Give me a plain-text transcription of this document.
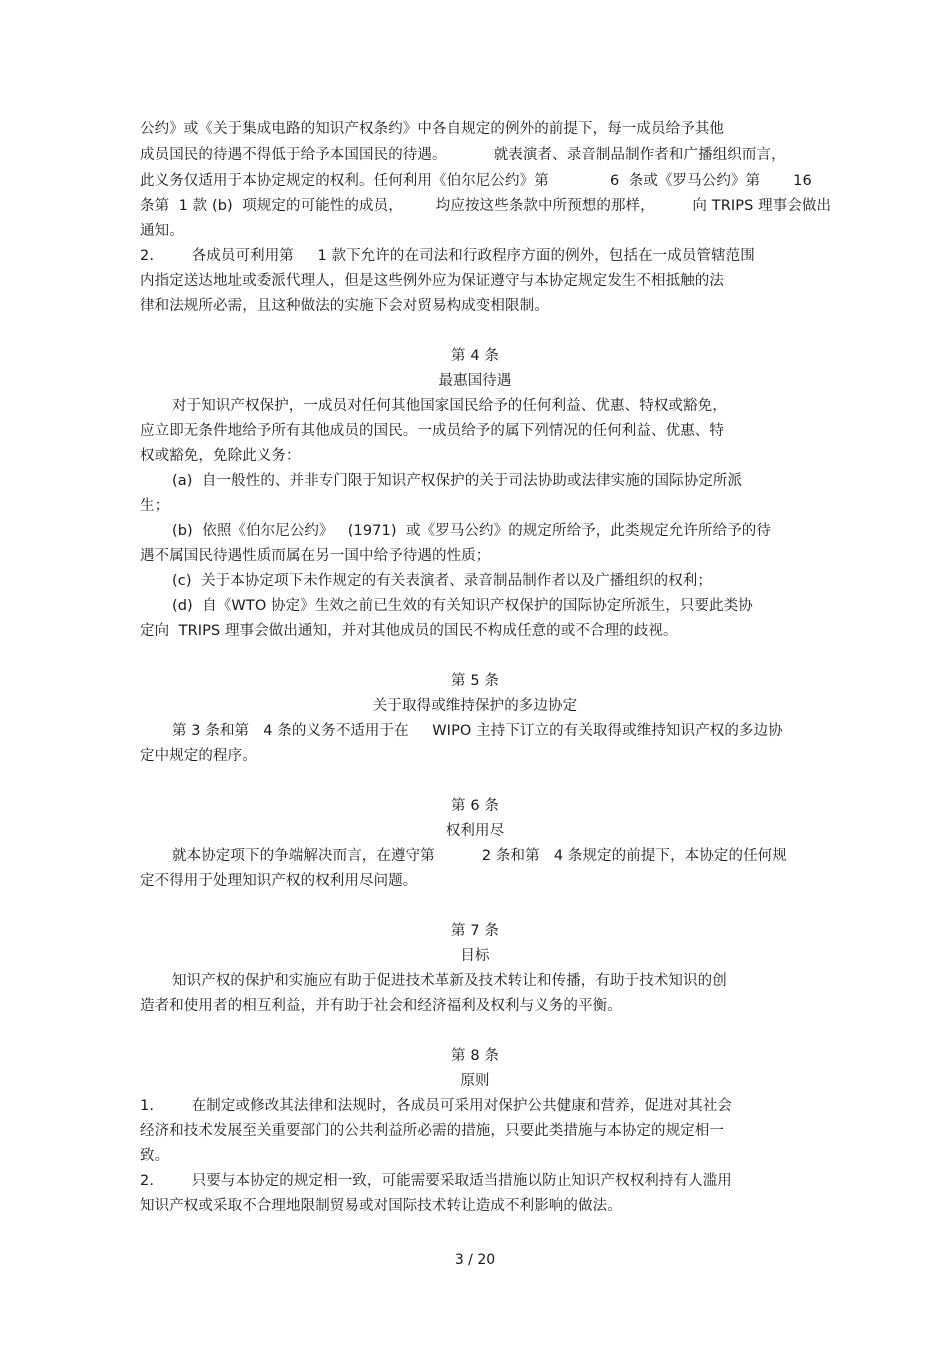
公约》或《关于集成电路的知识产权条约》中各自规定的例外的前提下，每一成员给予其他
成员国民的待遇不得低于给予本国国民的待遇。          就表演者、录音制品制作者和广播组织而言，
此义务仅适用于本协定规定的权利。任何利用《伯尔尼公约》第             6  条或《罗马公约》第       16
条第  1 款 (b)  项规定的可能性的成员，       均应按这些条款中所预想的那样，        向 TRIPS 理事会做出
通知。
2.        各成员可利用第     1 款下允许的在司法和行政程序方面的例外，包括在一成员管辖范围
内指定送达地址或委派代理人，但是这些例外应为保证遵守与本协定规定发生不相抵触的法
律和法规所必需，且这种做法的实施下会对贸易构成变相限制。
第 4 条
最惠国待遇
对于知识产权保护，一成员对任何其他国家国民给予的任何利益、优惠、特权或豁免，
应立即无条件地给予所有其他成员的国民。一成员给予的属下列情况的任何利益、优惠、特
权或豁免，免除此义务：
(a)  自一般性的、并非专门限于知识产权保护的关于司法协助或法律实施的国际协定所派
生；
(b)  依照《伯尔尼公约》   (1971)  或《罗马公约》的规定所给予，此类规定允许所给予的待
遇不属国民待遇性质而属在另一国中给予待遇的性质；
(c)  关于本协定项下未作规定的有关表演者、录音制品制作者以及广播组织的权利；
(d)  自《WTO 协定》生效之前已生效的有关知识产权保护的国际协定所派生，只要此类协
定向  TRIPS 理事会做出通知，并对其他成员的国民不构成任意的或不合理的歧视。
第 5 条
关于取得或维持保护的多边协定
第 3 条和第   4 条的义务不适用于在     WIPO 主持下订立的有关取得或维持知识产权的多边协
定中规定的程序。
第 6 条
权利用尽
就本协定项下的争端解决而言，在遵守第          2 条和第   4 条规定的前提下，本协定的任何规
定不得用于处理知识产权的权利用尽问题。
第 7 条
目标
知识产权的保护和实施应有助于促进技术革新及技术转让和传播，有助于技术知识的创
造者和使用者的相互利益，并有助于社会和经济福利及权利与义务的平衡。
第 8 条
原则
1.        在制定或修改其法律和法规时，各成员可采用对保护公共健康和营养，促进对其社会
经济和技术发展至关重要部门的公共利益所必需的措施，只要此类措施与本协定的规定相一
致。
2.        只要与本协定的规定相一致，可能需要采取适当措施以防止知识产权权利持有人滥用
知识产权或采取不合理地限制贸易或对国际技术转让造成不利影响的做法。
3 / 20
